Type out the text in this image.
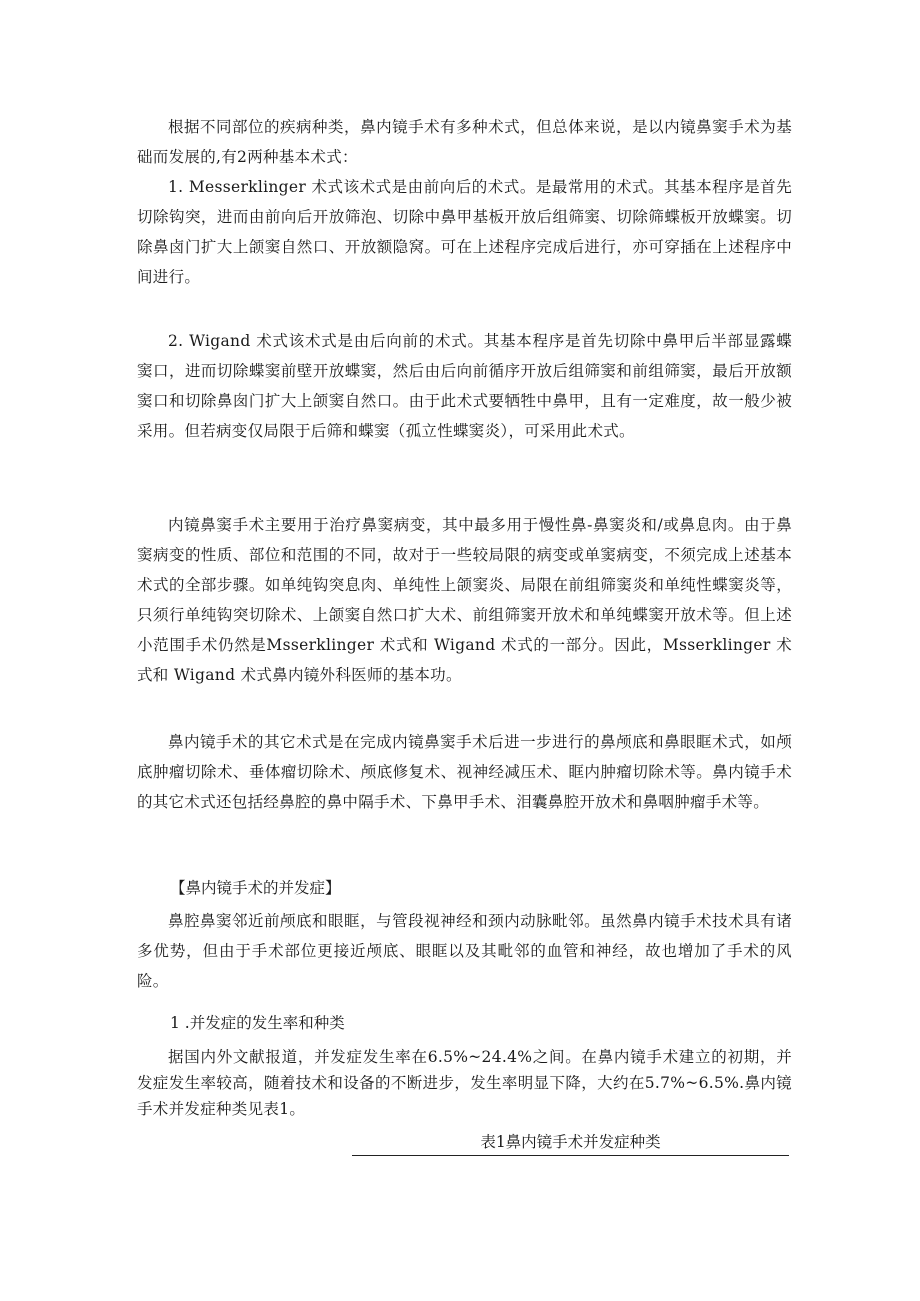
根据不同部位的疾病种类，鼻内镜手术有多种术式，但总体来说，是以内镜鼻窦手术为基础而发展的,有2两种基本术式：

1. Messerklinger 术式该术式是由前向后的术式。是最常用的术式。其基本程序是首先切除钩突，进而由前向后开放筛泡、切除中鼻甲基板开放后组筛窦、切除筛蝶板开放蝶窦。切除鼻卤门扩大上颌窦自然口、开放额隐窝。可在上述程序完成后进行，亦可穿插在上述程序中间进行。

2. Wigand 术式该术式是由后向前的术式。其基本程序是首先切除中鼻甲后半部显露蝶窦口，进而切除蝶窦前壁开放蝶窦，然后由后向前循序开放后组筛窦和前组筛窦，最后开放额窦口和切除鼻囱门扩大上颌窦自然口。由于此术式要牺牲中鼻甲，且有一定难度，故一般少被采用。但若病变仅局限于后筛和蝶窦（孤立性蝶窦炎），可采用此术式。

内镜鼻窦手术主要用于治疗鼻窦病变，其中最多用于慢性鼻-鼻窦炎和/或鼻息肉。由于鼻窦病变的性质、部位和范围的不同，故对于一些较局限的病变或单窦病变，不须完成上述基本术式的全部步骤。如单纯钩突息肉、单纯性上颌窦炎、局限在前组筛窦炎和单纯性蝶窦炎等，只须行单纯钩突切除术、上颌窦自然口扩大术、前组筛窦开放术和单纯蝶窦开放术等。但上述小范围手术仍然是Msserklinger 术式和 Wigand 术式的一部分。因此，Msserklinger 术式和 Wigand 术式鼻内镜外科医师的基本功。

鼻内镜手术的其它术式是在完成内镜鼻窦手术后进一步进行的鼻颅底和鼻眼眶术式，如颅底肿瘤切除术、垂体瘤切除术、颅底修复术、视神经减压术、眶内肿瘤切除术等。鼻内镜手术的其它术式还包括经鼻腔的鼻中隔手术、下鼻甲手术、泪囊鼻腔开放术和鼻咽肿瘤手术等。

【鼻内镜手术的并发症】

鼻腔鼻窦邻近前颅底和眼眶，与管段视神经和颈内动脉毗邻。虽然鼻内镜手术技术具有诸多优势，但由于手术部位更接近颅底、眼眶以及其毗邻的血管和神经，故也增加了手术的风险。

1 .并发症的发生率和种类

据国内外文献报道，并发症发生率在6.5%~24.4%之间。在鼻内镜手术建立的初期，并发症发生率较高，随着技术和设备的不断进步，发生率明显下降，大约在5.7%~6.5%.鼻内镜手术并发症种类见表1。

表1鼻内镜手术并发症种类
